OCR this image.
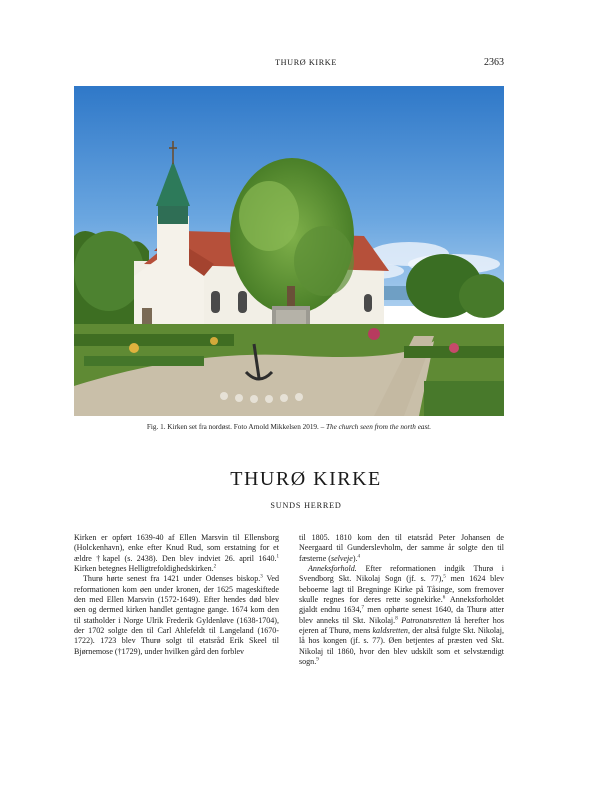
THURØ KIRKE	2363
Fig. 1. Kirken set fra nordøst. Foto Arnold Mikkelsen 2019. – The church seen from the north east.
THURØ KIRKE
SUNDS HERRED

Kirken er opført 1639-40 af Ellen Marsvin til Ellensborg (Holckenhavn), enke efter Knud Rud, som erstatning for et ældre †kapel (s. 2438). Den blev indviet 26. april 1640.$^1$ Kirken betegnes Helligtrefoldighedskirken.$^2$

Thurø hørte senest fra 1421 under Odenses biskop.$^3$ Ved reformationen kom øen under kronen, der 1625 mageskiftede den med Ellen Marsvin (1572-1649). Efter hendes død blev øen og dermed kirken handlet gentagne gange. 1674 kom den til statholder i Norge Ulrik Frederik Gyldenløve (1638-1704), der 1702 solgte den til Carl Ahlefeldt til Langeland (1670-1722). 1723 blev Thurø solgt til etatsråd Erik Skeel til Bjørnemose (†1729), under hvilken gård den forblev

til 1805. 1810 kom den til etatsråd Peter Johansen de Neergaard til Gunderslevholm, der samme år solgte den til fæsterne (selveje).$^4$

Anneksforhold. Efter reformationen indgik Thurø i Svendborg Skt. Nikolaj Sogn (jf. s. 77),$^5$ men 1624 blev beboerne lagt til Bregninge Kirke på Tåsinge, som fremover skulle regnes for deres rette sognekirke.$^6$ Anneksforholdet gjaldt endnu 1634,$^7$ men ophørte senest 1640, da Thurø atter blev anneks til Skt. Nikolaj.$^8$ Patronatsretten lå herefter hos ejeren af Thurø, mens kaldsretten, der altså fulgte Skt. Nikolaj, lå hos kongen (jf. s. 77). Øen betjentes af præsten ved Skt. Nikolaj til 1860, hvor den blev udskilt som et selvstændigt sogn.$^9$
